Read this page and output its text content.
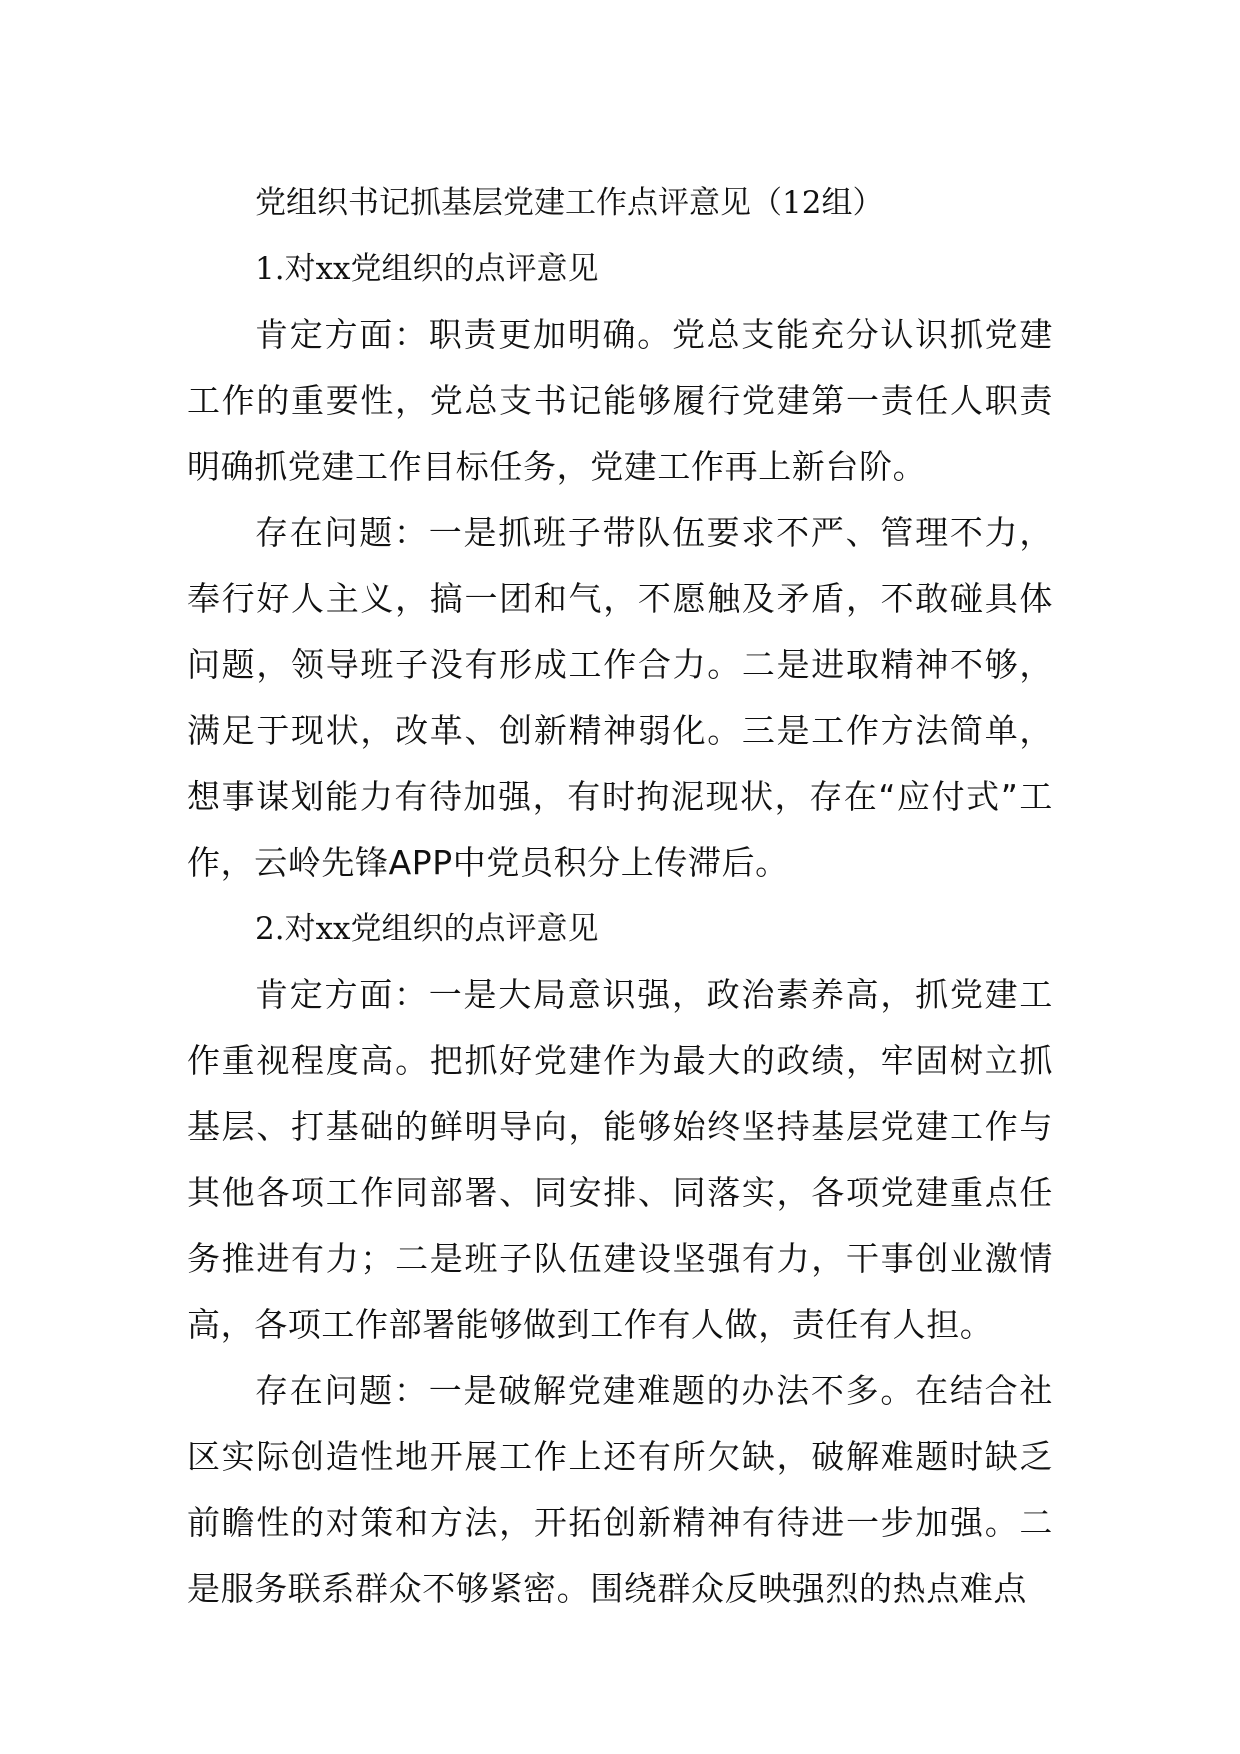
党组织书记抓基层党建工作点评意见（12组）
1.对xx党组织的点评意见

肯定方面：职责更加明确。党总支能充分认识抓党建工作的重要性，党总支书记能够履行党建第一责任人职责明确抓党建工作目标任务，党建工作再上新台阶。

存在问题：一是抓班子带队伍要求不严、管理不力，奉行好人主义，搞一团和气，不愿触及矛盾，不敢碰具体问题，领导班子没有形成工作合力。二是进取精神不够，满足于现状，改革、创新精神弱化。三是工作方法简单，想事谋划能力有待加强，有时拘泥现状，存在“应付式”工作，云岭先锋APP中党员积分上传滞后。

2.对xx党组织的点评意见

肯定方面：一是大局意识强，政治素养高，抓党建工作重视程度高。把抓好党建作为最大的政绩，牢固树立抓基层、打基础的鲜明导向，能够始终坚持基层党建工作与其他各项工作同部署、同安排、同落实，各项党建重点任务推进有力；二是班子队伍建设坚强有力，干事创业激情高，各项工作部署能够做到工作有人做，责任有人担。

存在问题：一是破解党建难题的办法不多。在结合社区实际创造性地开展工作上还有所欠缺，破解难题时缺乏前瞻性的对策和方法，开拓创新精神有待进一步加强。二是服务联系群众不够紧密。围绕群众反映强烈的热点难点
